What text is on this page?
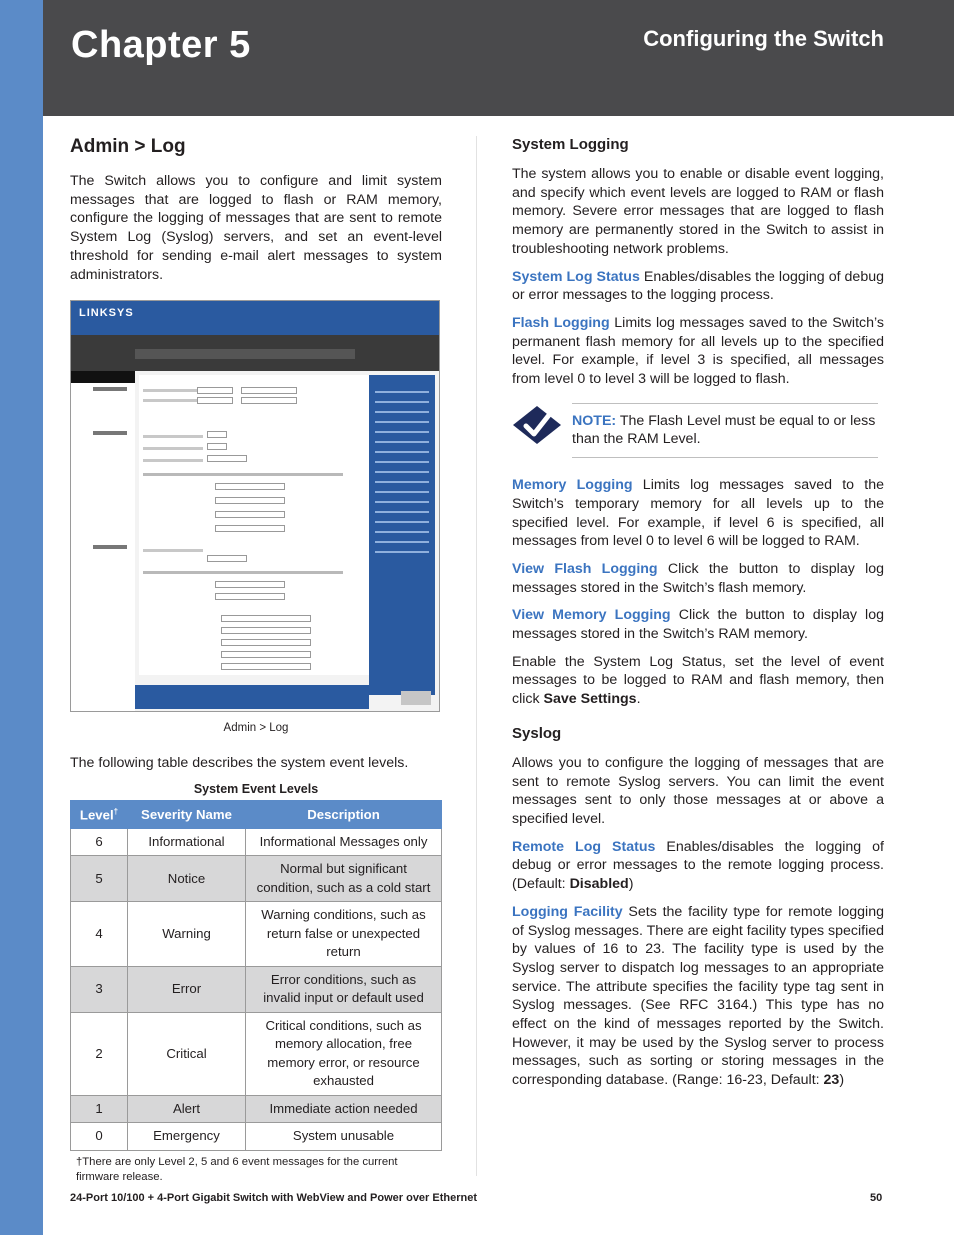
Chapter 5	Configuring the Switch
Admin > Log

The Switch allows you to configure and limit system messages that are logged to flash or RAM memory, configure the logging of messages that are sent to remote System Log (Syslog) servers, and set an event-level threshold for sending e-mail alert messages to system administrators.

LINKSYS
Admin > Log

The following table describes the system event levels.

System Event Levels
Level†	Severity Name	Description
6	Informational	Informational Messages only
5	Notice	Normal but significant condition, such as a cold start
4	Warning	Warning conditions, such as return false or unexpected return
3	Error	Error conditions, such as invalid input or default used
2	Critical	Critical conditions, such as memory allocation, free memory error, or resource exhausted
1	Alert	Immediate action needed
0	Emergency	System unusable
†There are only Level 2, 5 and 6 event messages for the current firmware release.
System Logging

The system allows you to enable or disable event logging, and specify which event levels are logged to RAM or flash memory. Severe error messages that are logged to flash memory are permanently stored in the Switch to assist in troubleshooting network problems.

System Log Status Enables/disables the logging of debug or error messages to the logging process.

Flash Logging Limits log messages saved to the Switch’s permanent flash memory for all levels up to the specified level. For example, if level 3 is specified, all messages from level 0 to level 3 will be logged to flash.

NOTE: The Flash Level must be equal to or less than the RAM Level.

Memory Logging Limits log messages saved to the Switch’s temporary memory for all levels up to the specified level. For example, if level 6 is specified, all messages from level 0 to level 6 will be logged to RAM.

View Flash Logging Click the button to display log messages stored in the Switch’s flash memory.

View Memory Logging Click the button to display log messages stored in the Switch’s RAM memory.

Enable the System Log Status, set the level of event messages to be logged to RAM and flash memory, then click Save Settings.

Syslog

Allows you to configure the logging of messages that are sent to remote Syslog servers. You can limit the event messages sent to only those messages at or above a specified level.

Remote Log Status Enables/disables the logging of debug or error messages to the remote logging process. (Default: Disabled)

Logging Facility Sets the facility type for remote logging of Syslog messages. There are eight facility types specified by values of 16 to 23. The facility type is used by the Syslog server to dispatch log messages to an appropriate service. The attribute specifies the facility type tag sent in Syslog messages. (See RFC 3164.) This type has no effect on the kind of messages reported by the Switch. However, it may be used by the Syslog server to process messages, such as sorting or storing messages in the corresponding database. (Range: 16-23, Default: 23)

24-Port 10/100 + 4-Port Gigabit Switch with WebView and Power over Ethernet	50
